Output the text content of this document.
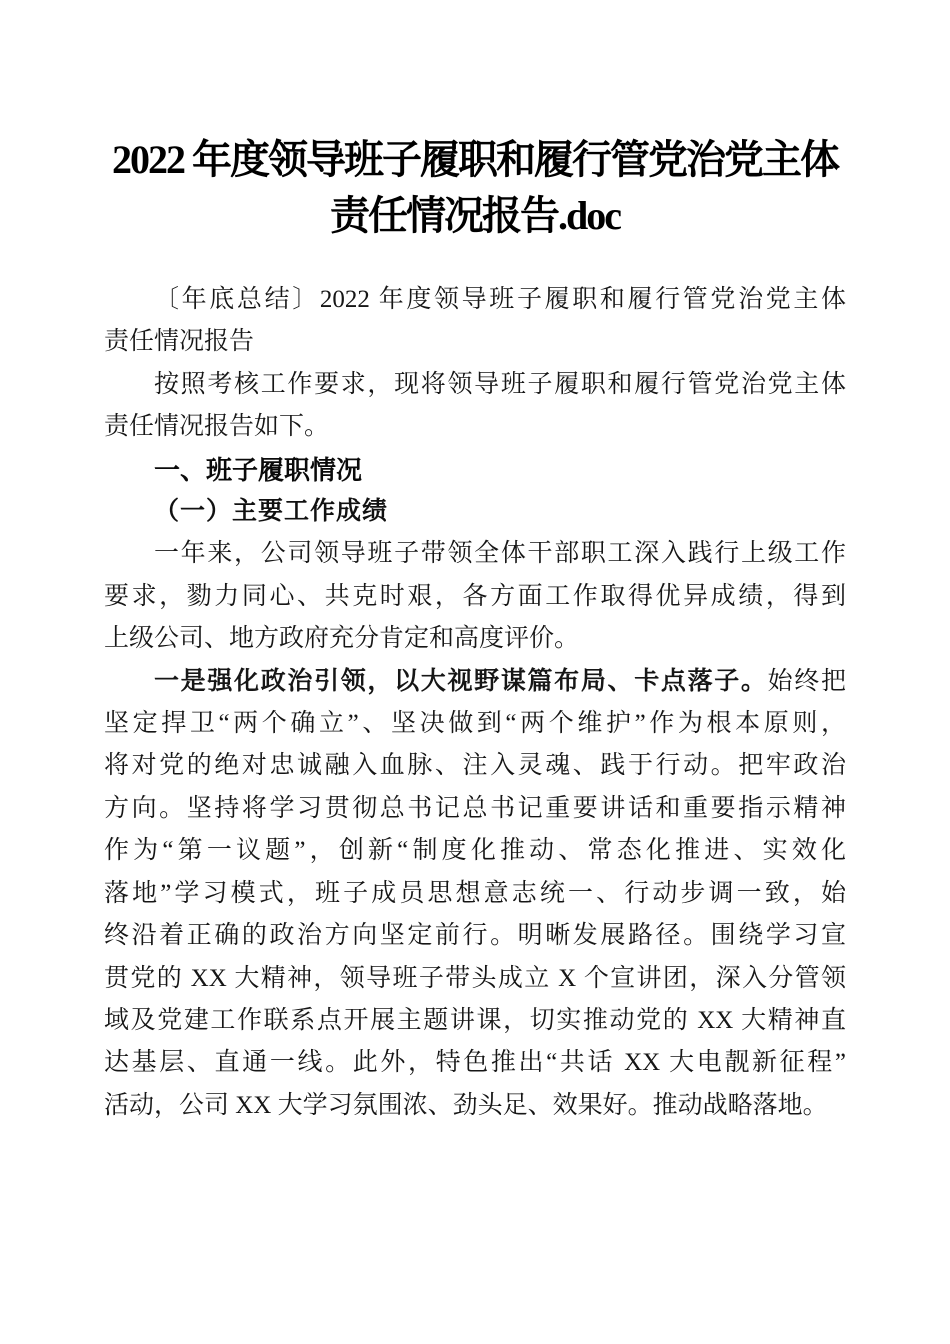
2022 年度领导班子履职和履行管党治党主体
责任情况报告.doc
〔年底总结〕2022 年度领导班子履职和履行管党治党主体
责任情况报告
按照考核工作要求，现将领导班子履职和履行管党治党主体
责任情况报告如下。
一、班子履职情况
（一）主要工作成绩
一年来，公司领导班子带领全体干部职工深入践行上级工作
要求，勠力同心、共克时艰，各方面工作取得优异成绩，得到
上级公司、地方政府充分肯定和高度评价。
一是强化政治引领，以大视野谋篇布局、卡点落子。始终把
坚定捍卫“两个确立”、坚决做到“两个维护”作为根本原则，
将对党的绝对忠诚融入血脉、注入灵魂、践于行动。把牢政治
方向。坚持将学习贯彻总书记总书记重要讲话和重要指示精神
作为“第一议题”，创新“制度化推动、常态化推进、实效化
落地”学习模式，班子成员思想意志统一、行动步调一致，始
终沿着正确的政治方向坚定前行。明晰发展路径。围绕学习宣
贯党的 XX 大精神，领导班子带头成立 X 个宣讲团，深入分管领
域及党建工作联系点开展主题讲课，切实推动党的 XX 大精神直
达基层、直通一线。此外，特色推出“共话 XX 大电靓新征程”
活动，公司 XX 大学习氛围浓、劲头足、效果好。推动战略落地。
